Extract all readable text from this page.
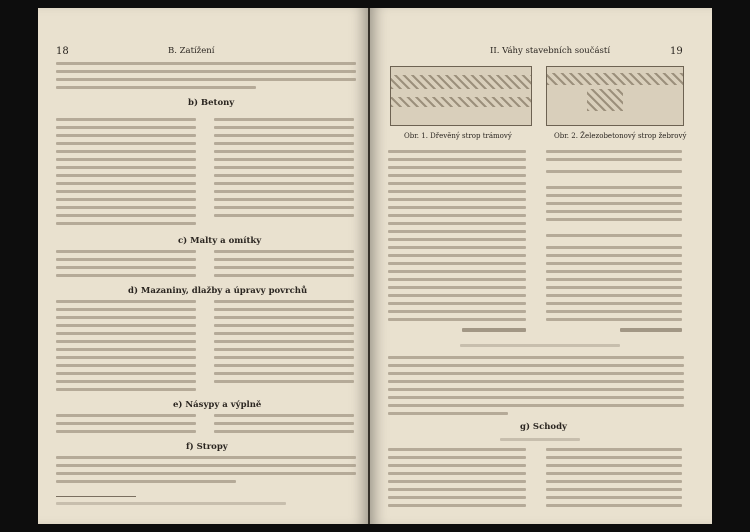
18	B. Zatížení
b) Betony
c) Malty a omítky
d) Mazaniny, dlažby a úpravy povrchů
e) Násypy a výplně
f) Stropy
II. Váhy stavebních součástí	19
Obr. 1. Dřevěný strop trámový	Obr. 2. Železobetonový strop žebrový
g) Schody
